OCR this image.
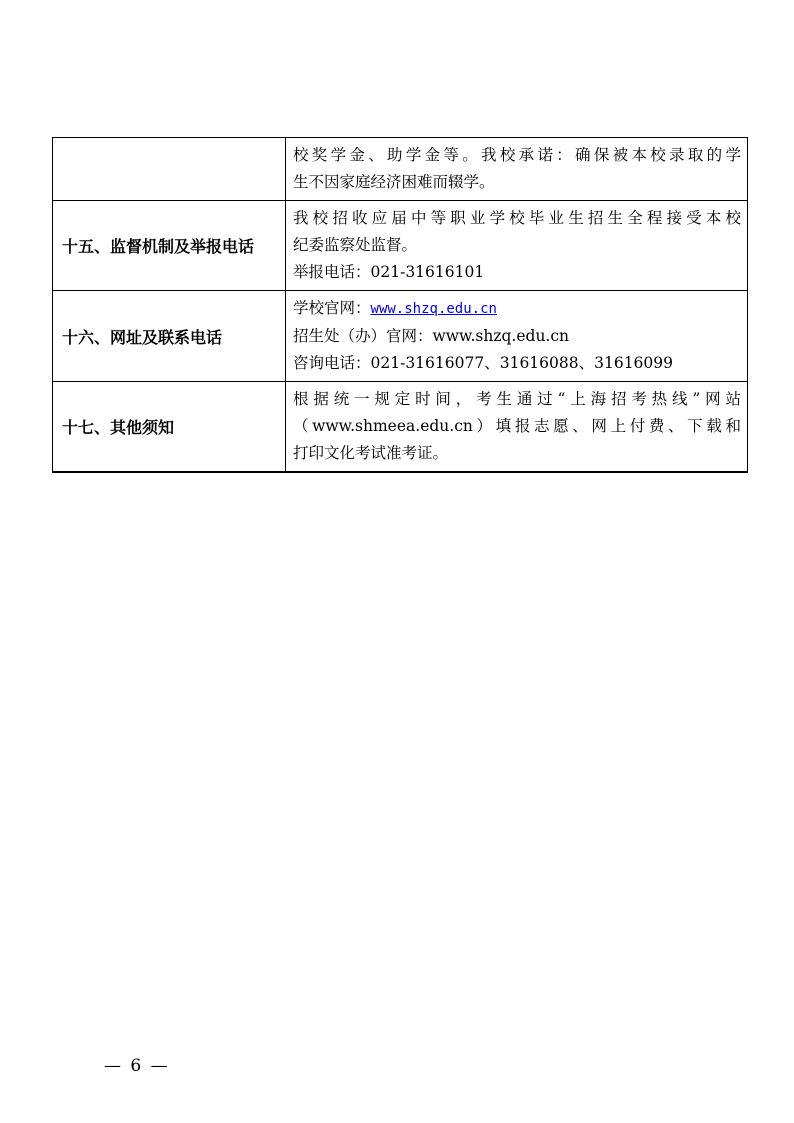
	校奖学金、助学金等。我校承诺：确保被本校录取的学
生不因家庭经济困难而辍学。

十五、监督机制及举报电话	我校招收应届中等职业学校毕业生招生全程接受本校
纪委监察处监督。
举报电话：021-31616101

十六、网址及联系电话	学校官网：www.shzq.edu.cn
招生处（办）官网：www.shzq.edu.cn
咨询电话：021-31616077、31616088、31616099

十七、其他须知	根据统一规定时间，考生通过“上海招考热线”网站
（www.shmeea.edu.cn）填报志愿、网上付费、下载和
打印文化考试准考证。
— 6 —
